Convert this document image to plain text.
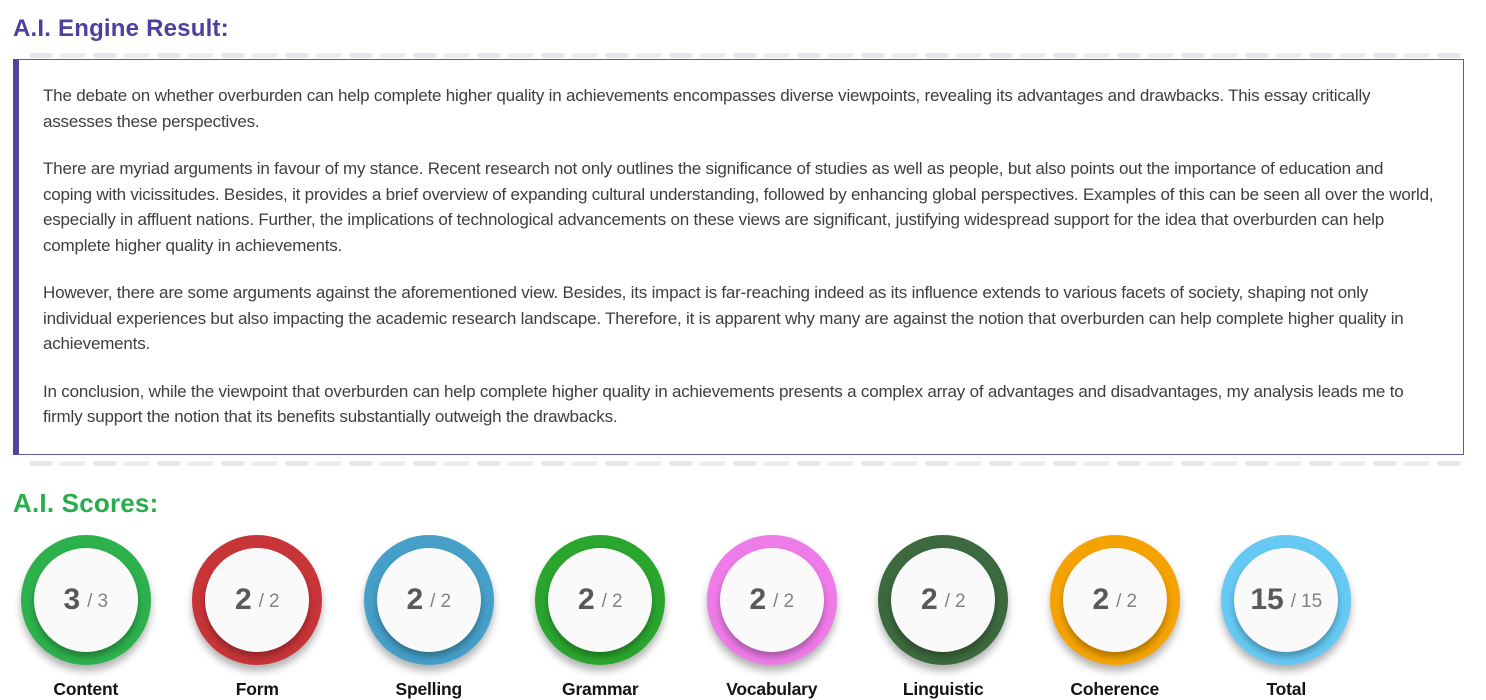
A.I. Engine Result:

The debate on whether overburden can help complete higher quality in achievements encompasses diverse viewpoints, revealing its advantages and drawbacks. This essay critically assesses these perspectives.

There are myriad arguments in favour of my stance. Recent research not only outlines the significance of studies as well as people, but also points out the importance of education and coping with vicissitudes. Besides, it provides a brief overview of expanding cultural understanding, followed by enhancing global perspectives. Examples of this can be seen all over the world, especially in affluent nations. Further, the implications of technological advancements on these views are significant, justifying widespread support for the idea that overburden can help complete higher quality in achievements.

However, there are some arguments against the aforementioned view. Besides, its impact is far-reaching indeed as its influence extends to various facets of society, shaping not only individual experiences but also impacting the academic research landscape. Therefore, it is apparent why many are against the notion that overburden can help complete higher quality in achievements.

In conclusion, while the viewpoint that overburden can help complete higher quality in achievements presents a complex array of advantages and disadvantages, my analysis leads me to firmly support the notion that its benefits substantially outweigh the drawbacks.

A.I. Scores:
3 / 3
Content
2 / 2
Form
2 / 2
Spelling
2 / 2
Grammar
2 / 2
Vocabulary
2 / 2
Linguistic
2 / 2
Coherence
15 / 15
Total
